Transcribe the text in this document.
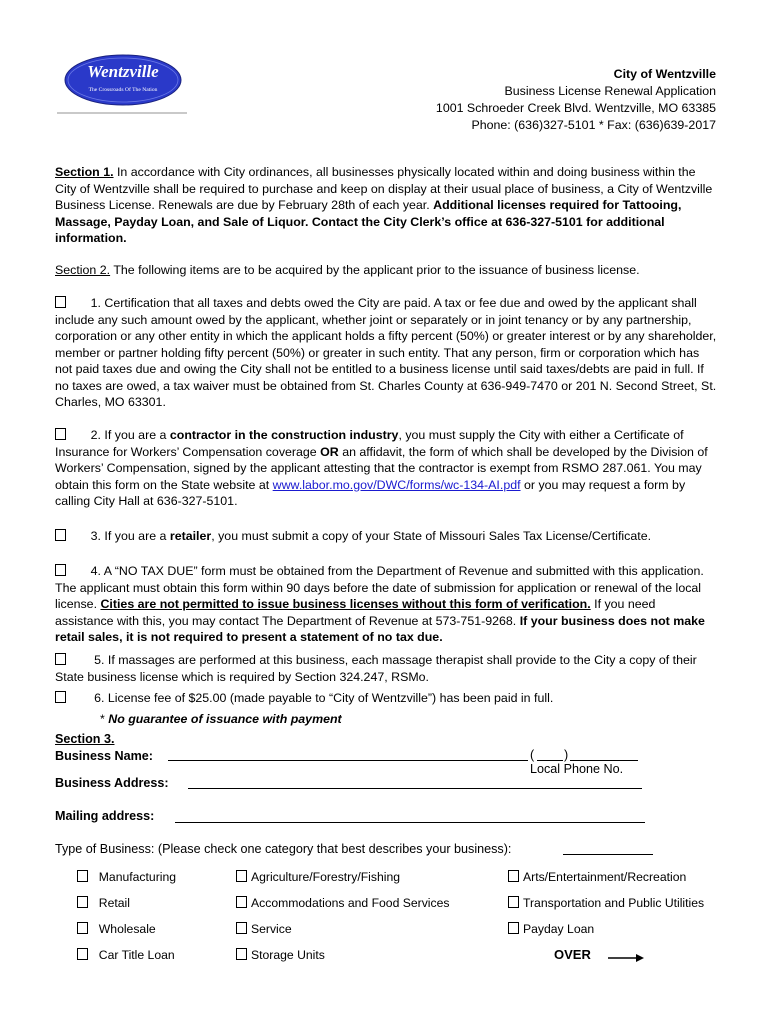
Wentzville
The Crossroads Of The Nation
City of Wentzville
Business License Renewal Application
1001 Schroeder Creek Blvd. Wentzville, MO 63385
Phone: (636)327-5101 * Fax: (636)639-2017
Section 1. In accordance with City ordinances, all businesses physically located within and doing business within the City of Wentzville shall be required to purchase and keep on display at their usual place of business, a City of Wentzville Business License. Renewals are due by February 28th of each year. Additional licenses required for Tattooing, Massage, Payday Loan, and Sale of Liquor. Contact the City Clerk’s office at 636-327-5101 for additional information.
Section 2. The following items are to be acquired by the applicant prior to the issuance of business license.
1. Certification that all taxes and debts owed the City are paid. A tax or fee due and owed by the applicant shall include any such amount owed by the applicant, whether joint or separately or in joint tenancy or by any partnership, corporation or any other entity in which the applicant holds a fifty percent (50%) or greater interest or by any shareholder, member or partner holding fifty percent (50%) or greater in such entity. That any person, firm or corporation which has not paid taxes due and owing the City shall not be entitled to a business license until said taxes/debts are paid in full. If no taxes are owed, a tax waiver must be obtained from St. Charles County at 636-949-7470 or 201 N. Second Street, St. Charles, MO 63301.
2. If you are a contractor in the construction industry, you must supply the City with either a Certificate of Insurance for Workers’ Compensation coverage OR an affidavit, the form of which shall be developed by the Division of Workers’ Compensation, signed by the applicant attesting that the contractor is exempt from RSMO 287.061. You may obtain this form on the State website at www.labor.mo.gov/DWC/forms/wc-134-AI.pdf or you may request a form by calling City Hall at 636-327-5101.
3. If you are a retailer, you must submit a copy of your State of Missouri Sales Tax License/Certificate.
4. A “NO TAX DUE” form must be obtained from the Department of Revenue and submitted with this application. The applicant must obtain this form within 90 days before the date of submission for application or renewal of the local license. Cities are not permitted to issue business licenses without this form of verification. If you need assistance with this, you may contact The Department of Revenue at 573-751-9268. If your business does not make retail sales, it is not required to present a statement of no tax due.
5. If massages are performed at this business, each massage therapist shall provide to the City a copy of their State business license which is required by Section 324.247, RSMo.
6. License fee of $25.00 (made payable to “City of Wentzville”) has been paid in full.
* No guarantee of issuance with payment
Section 3.
Business Name:	( )
Local Phone No.
Business Address:
Mailing address:
Type of Business: (Please check one category that best describes your business):
Manufacturing
Retail
Wholesale
Car Title Loan
Agriculture/Forestry/Fishing
Accommodations and Food Services
Service
Storage Units
Arts/Entertainment/Recreation
Transportation and Public Utilities
Payday Loan
OVER
